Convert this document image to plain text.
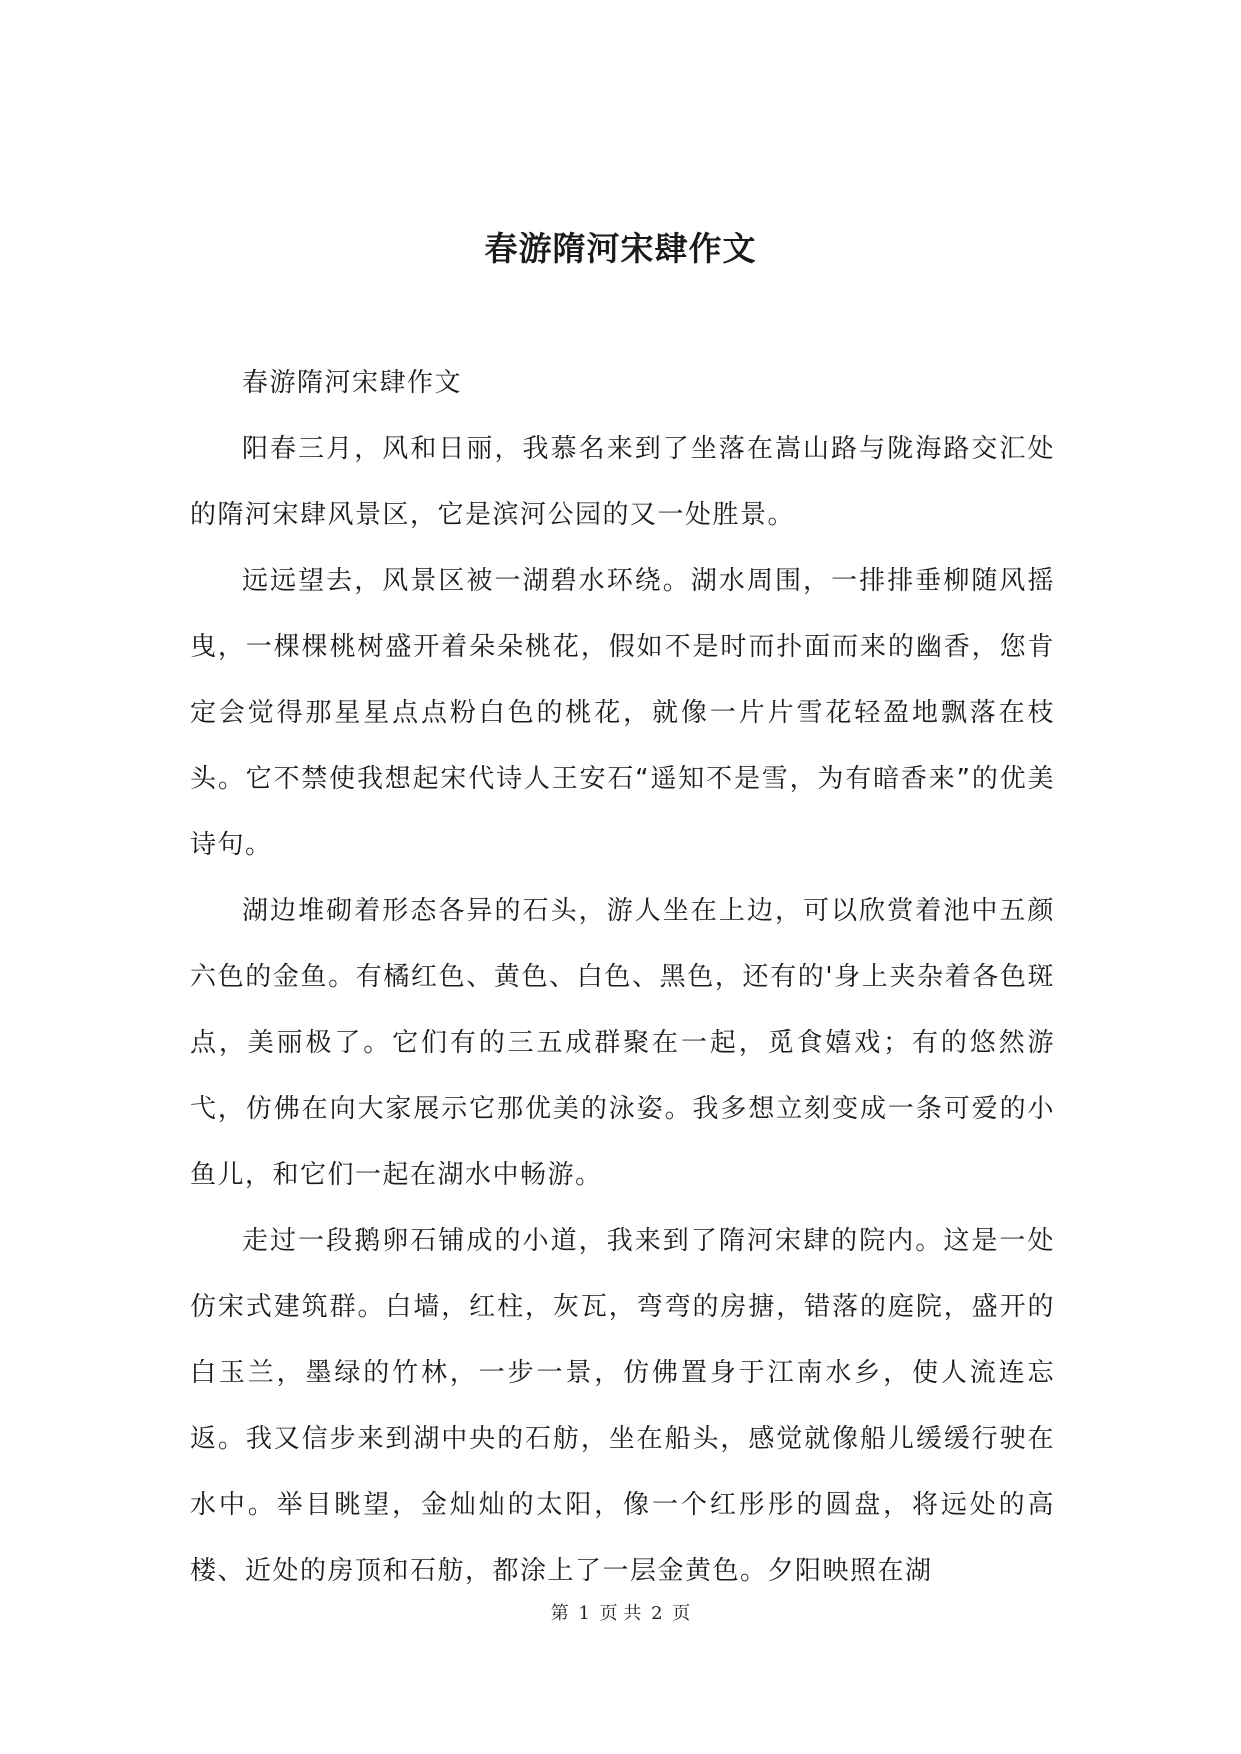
春游隋河宋肆作文

春游隋河宋肆作文

阳春三月，风和日丽，我慕名来到了坐落在嵩山路与陇海路交汇处的隋河宋肆风景区，它是滨河公园的又一处胜景。

远远望去，风景区被一湖碧水环绕。湖水周围，一排排垂柳随风摇曳，一棵棵桃树盛开着朵朵桃花，假如不是时而扑面而来的幽香，您肯定会觉得那星星点点粉白色的桃花，就像一片片雪花轻盈地飘落在枝头。它不禁使我想起宋代诗人王安石“遥知不是雪，为有暗香来”的优美诗句。

湖边堆砌着形态各异的石头，游人坐在上边，可以欣赏着池中五颜六色的金鱼。有橘红色、黄色、白色、黑色，还有的'身上夹杂着各色斑点，美丽极了。它们有的三五成群聚在一起，觅食嬉戏；有的悠然游弋，仿佛在向大家展示它那优美的泳姿。我多想立刻变成一条可爱的小鱼儿，和它们一起在湖水中畅游。

走过一段鹅卵石铺成的小道，我来到了隋河宋肆的院内。这是一处仿宋式建筑群。白墙，红柱，灰瓦，弯弯的房搪，错落的庭院，盛开的白玉兰，墨绿的竹林，一步一景，仿佛置身于江南水乡，使人流连忘返。我又信步来到湖中央的石舫，坐在船头，感觉就像船儿缓缓行驶在水中。举目眺望，金灿灿的太阳，像一个红彤彤的圆盘，将远处的高楼、近处的房顶和石舫，都涂上了一层金黄色。夕阳映照在湖

第 1 页 共 2 页
